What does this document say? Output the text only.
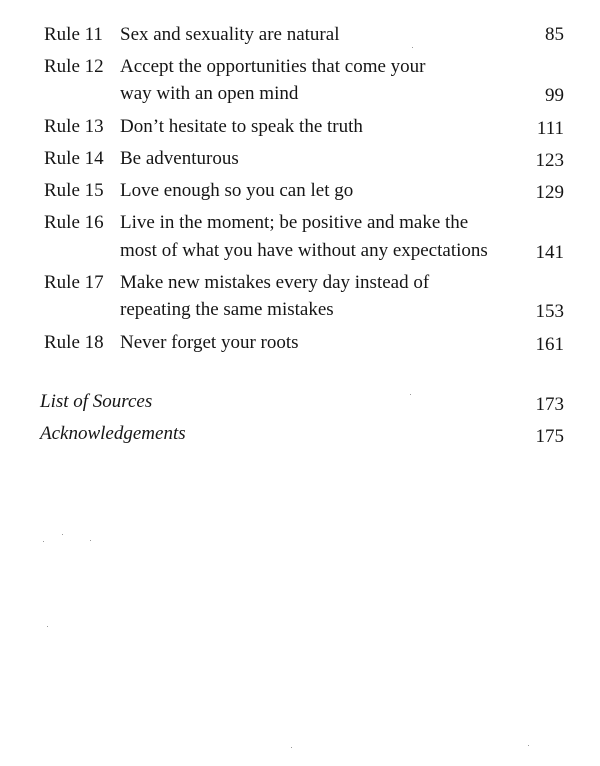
Rule 11 Sex and sexuality are natural	85
Rule 12 Accept the opportunities that come your
way with an open mind	99
Rule 13 Don’t hesitate to speak the truth	111
Rule 14 Be adventurous	123
Rule 15 Love enough so you can let go	129
Rule 16 Live in the moment; be positive and make the
most of what you have without any expectations	141
Rule 17 Make new mistakes every day instead of
repeating the same mistakes	153
Rule 18 Never forget your roots	161
List of Sources	173
Acknowledgements	175
